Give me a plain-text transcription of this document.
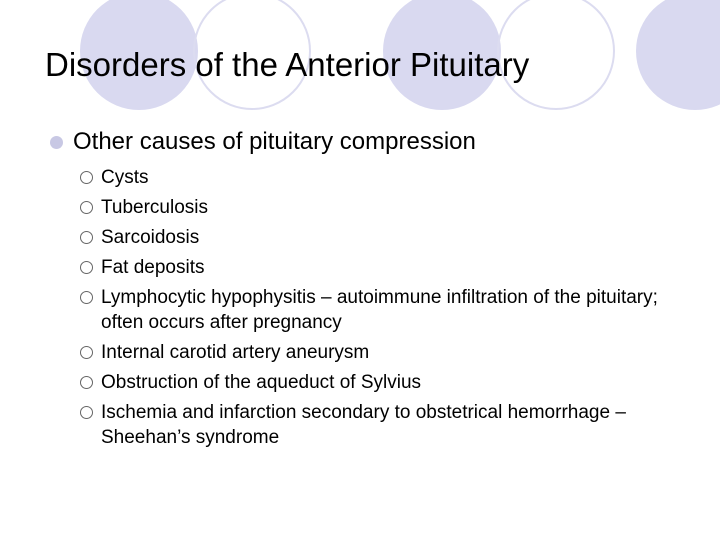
Disorders of the Anterior Pituitary
Other causes of pituitary compression
Cysts
Tuberculosis
Sarcoidosis
Fat deposits
Lymphocytic hypophysitis – autoimmune infiltration of the pituitary; often occurs after pregnancy
Internal carotid artery aneurysm
Obstruction of the aqueduct of Sylvius
Ischemia and infarction secondary to obstetrical hemorrhage – Sheehan’s syndrome
